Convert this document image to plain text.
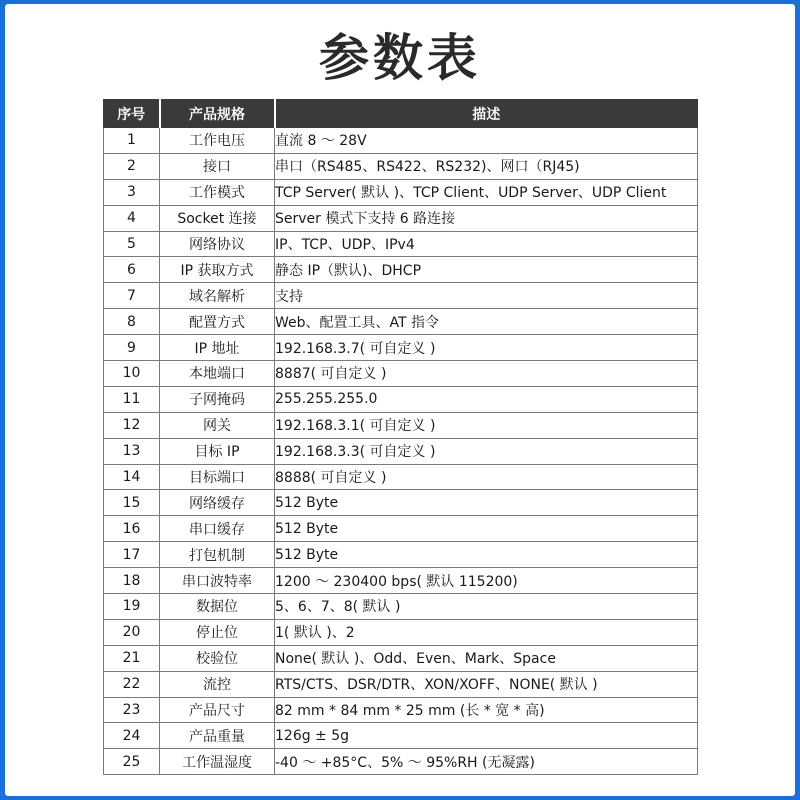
参数表
序号	产品规格	描述
1	工作电压	直流 8 ～ 28V
2	接口	串口（RS485、RS422、RS232)、网口（RJ45)
3	工作模式	TCP Server( 默认 )、TCP Client、UDP Server、UDP Client
4	Socket 连接	Server 模式下支持 6 路连接
5	网络协议	IP、TCP、UDP、IPv4
6	IP 获取方式	静态 IP（默认)、DHCP
7	域名解析	支持
8	配置方式	Web、配置工具、AT 指令
9	IP 地址	192.168.3.7( 可自定义 )
10	本地端口	8887( 可自定义 )
11	子网掩码	255.255.255.0
12	网关	192.168.3.1( 可自定义 )
13	目标 IP	192.168.3.3( 可自定义 )
14	目标端口	8888( 可自定义 )
15	网络缓存	512 Byte
16	串口缓存	512 Byte
17	打包机制	512 Byte
18	串口波特率	1200 ～ 230400 bps( 默认 115200)
19	数据位	5、6、7、8( 默认 )
20	停止位	1( 默认 )、2
21	校验位	None( 默认 )、Odd、Even、Mark、Space
22	流控	RTS/CTS、DSR/DTR、XON/XOFF、NONE( 默认 )
23	产品尺寸	82 mm * 84 mm * 25 mm (长 * 宽 * 高)
24	产品重量	126g ± 5g
25	工作温湿度	-40 ～ +85°C、5% ～ 95%RH (无凝露)
